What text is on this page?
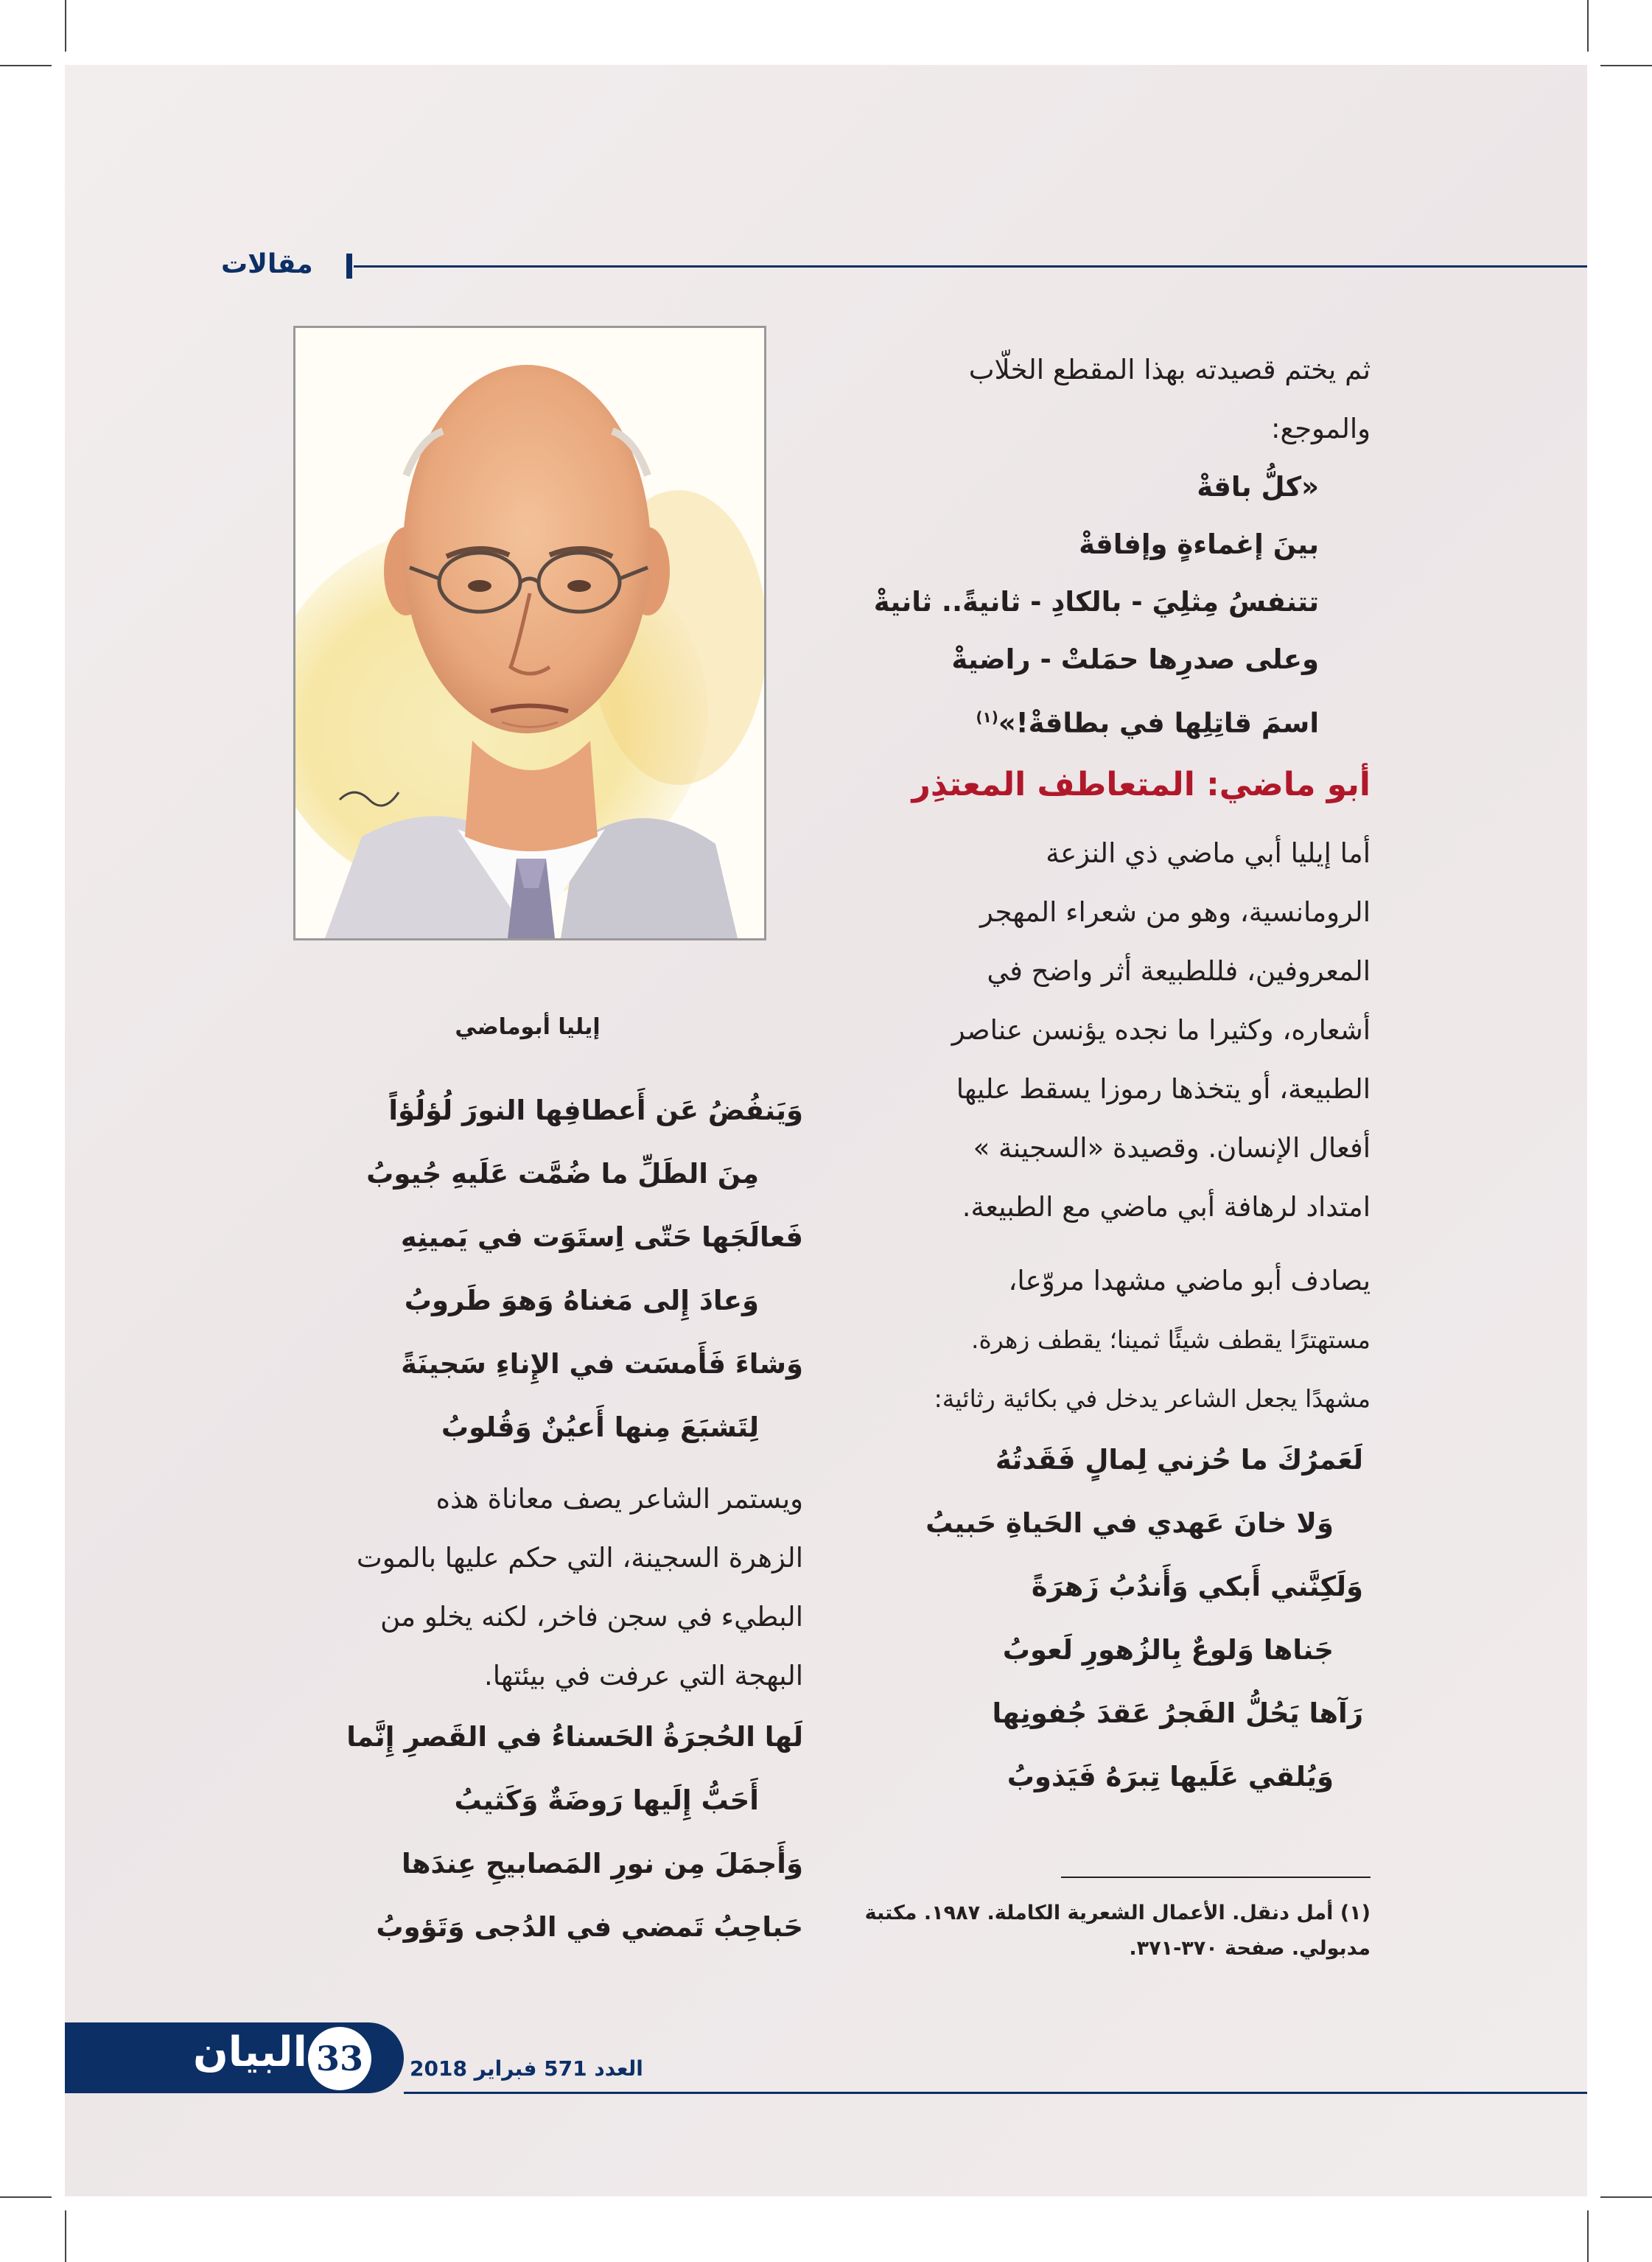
مقالات
إيليا أبوماضي
ثم يختم قصيدته بهذا المقطع الخلّاب
والموجع:
«كلُّ باقةْ
بينَ إغماءةٍ وإفاقةْ
تتنفسُ مِثلِيَ - بالكادِ - ثانيةً.. ثانيةْ
وعلى صدرِها حمَلتْ - راضيةْ
اسمَ قاتِلِها في بطاقةْ!»$^{(١)}$
أبو ماضي: المتعاطف المعتذِر
أما إيليا أبي ماضي ذي النزعة
الرومانسية، وهو من شعراء المهجر
المعروفين، فللطبيعة أثر واضح في
أشعاره، وكثيرا ما نجده يؤنسن عناصر
الطبيعة، أو يتخذها رموزا يسقط عليها
أفعال الإنسان. وقصيدة «السجينة »
امتداد لرهافة أبي ماضي مع الطبيعة.
يصادف أبو ماضي مشهدا مروّعا،
مستهترًا يقطف شيئًا ثمينا؛ يقطف زهرة.
مشهدًا يجعل الشاعر يدخل في بكائية رثائية:
لَعَمرُكَ ما حُزني لِمالٍ فَقَدتُهُ
وَلا خانَ عَهدي في الحَياةِ حَبيبُ
وَلَكِنَّني أَبكي وَأَندُبُ زَهرَةً
جَناها وَلوعٌ بِالزُهورِ لَعوبُ
رَآها يَحُلُّ الفَجرُ عَقدَ جُفونِها
وَيُلقي عَلَيها تِبرَهُ فَيَذوبُ
وَيَنفُضُ عَن أَعطافِها النورَ لُؤلُؤاً
مِنَ الطَلِّ ما ضُمَّت عَلَيهِ جُيوبُ
فَعالَجَها حَتّى اِستَوَت في يَمينِهِ
وَعادَ إِلى مَغناهُ وَهوَ طَروبُ
وَشاءَ فَأَمسَت في الإِناءِ سَجينَةً
لِتَشبَعَ مِنها أَعيُنٌ وَقُلوبُ
ويستمر الشاعر يصف معاناة هذه
الزهرة السجينة، التي حكم عليها بالموت
البطيء في سجن فاخر، لكنه يخلو من
البهجة التي عرفت في بيئتها.
لَها الحُجرَةُ الحَسناءُ في القَصرِ إِنَّما
أَحَبُّ إِلَيها رَوضَةٌ وَكَثيبُ
وَأَجمَلَ مِن نورِ المَصابيحِ عِندَها
حَباحِبُ تَمضي في الدُجى وَتَؤوبُ	(١) أمل دنقل. الأعمال الشعرية الكاملة. ١٩٨٧. مكتبة
مدبولي. صفحة ٣٧٠-٣٧١.
البيان 33	العدد 571 فبراير 2018
